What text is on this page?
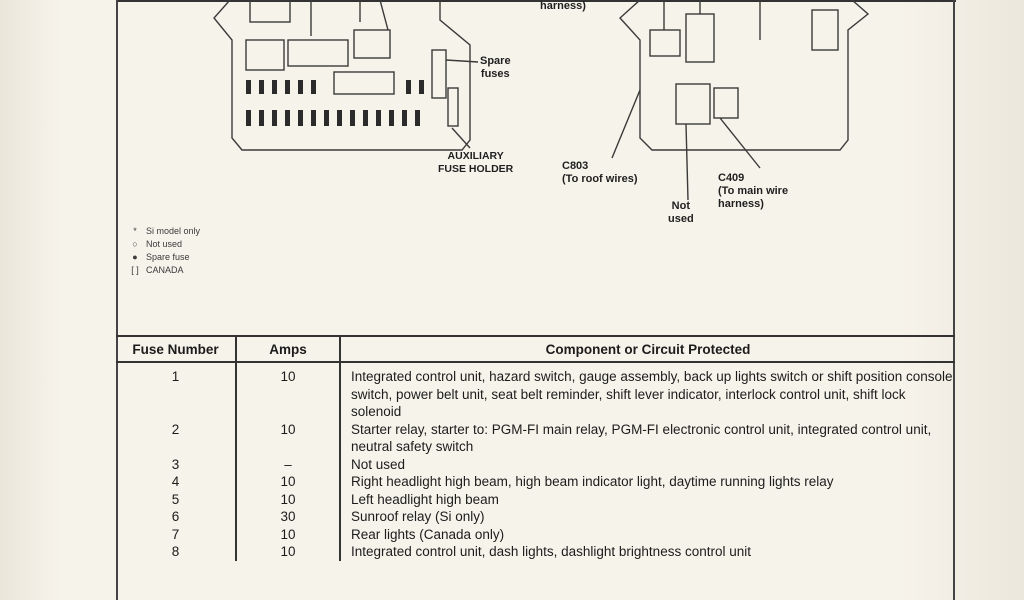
harness)
Spare
fuses
AUXILIARY
FUSE HOLDER	C803
(To roof wires)
Not
used
C409
(To main wire
harness)
*	Si model only
○ Not used
● Spare fuse
[ ] CANADA
Fuse Number	Amps	Component or Circuit Protected
1	10	Integrated control unit, hazard switch, gauge assembly, back up lights switch or shift position console switch, power belt unit, seat belt reminder, shift lever indicator, interlock control unit, shift lock solenoid
2	10	Starter relay, starter to: PGM-FI main relay, PGM-FI electronic control unit, integrated control unit, neutral safety switch
3	–	Not used
4	10	Right headlight high beam, high beam indicator light, daytime running lights relay
5	10	Left headlight high beam
6	30	Sunroof relay (Si only)
7	10	Rear lights (Canada only)
8	10	Integrated control unit, dash lights, dashlight brightness control unit
